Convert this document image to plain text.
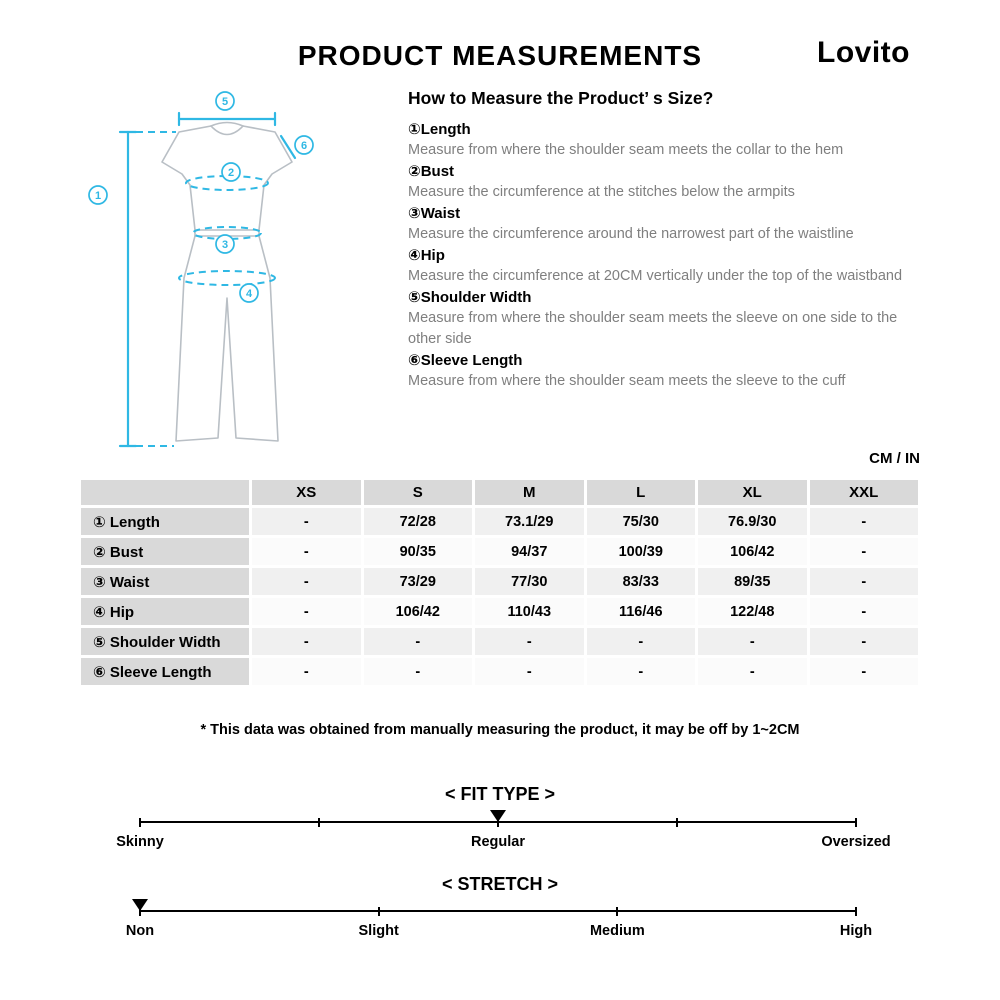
PRODUCT MEASUREMENTS	Lovito
1
2
3
4
5
6
How to Measure the Product’ s Size?
①Length

Measure from where the shoulder seam meets the collar to the hem

②Bust

Measure the circumference at the stitches below the armpits

③Waist

Measure the circumference around the narrowest part of the waistline

④Hip

Measure the circumference at 20CM vertically under the top of the waistband

⑤Shoulder Width

Measure from where the shoulder seam meets the sleeve on one side to the other side

⑥Sleeve Length

Measure from where the shoulder seam meets the sleeve to the cuff

CM / IN
	XS	S	M	L	XL	XXL
① Length	-	72/28	73.1/29	75/30	76.9/30	-
② Bust	-	90/35	94/37	100/39	106/42	-
③ Waist	-	73/29	77/30	83/33	89/35	-
④ Hip	-	106/42	110/43	116/46	122/48	-
⑤ Shoulder Width	-	-	-	-	-	-
⑥ Sleeve Length	-	-	-	-	-	-
* This data was obtained from manually measuring the product, it may be off by 1~2CM
< FIT TYPE >
Skinny	Regular	Oversized
< STRETCH >
Non	Slight	Medium	High
